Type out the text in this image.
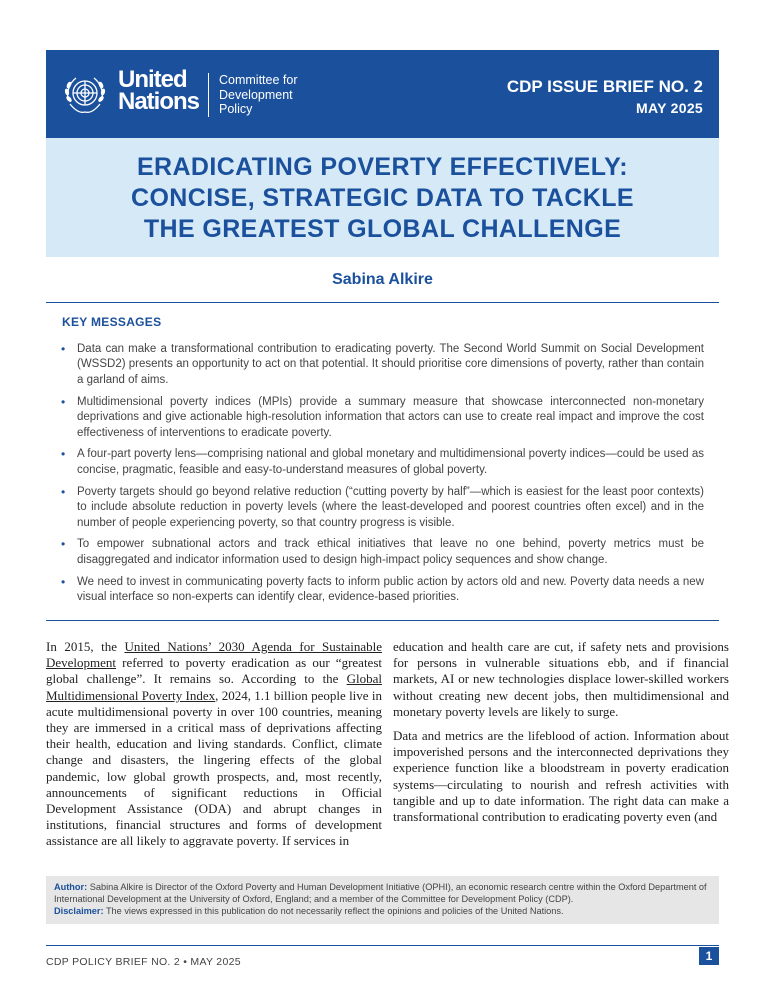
United
Nations
Committee for
Development
Policy
CDP ISSUE BRIEF NO. 2
MAY 2025
ERADICATING POVERTY EFFECTIVELY:
CONCISE, STRATEGIC DATA TO TACKLE
THE GREATEST GLOBAL CHALLENGE
Sabina Alkire
KEY MESSAGES
• Data can make a transformational contribution to eradicating poverty. The Second World Summit on Social Development (WSSD2) presents an opportunity to act on that potential. It should prioritise core dimensions of poverty, rather than contain a garland of aims.
• Multidimensional poverty indices (MPIs) provide a summary measure that showcase interconnected non-monetary deprivations and give actionable high-resolution information that actors can use to create real impact and improve the cost effectiveness of interventions to eradicate poverty.
• A four-part poverty lens—comprising national and global monetary and multidimensional poverty indices—could be used as concise, pragmatic, feasible and easy-to-understand measures of global poverty.
• Poverty targets should go beyond relative reduction (“cutting poverty by half”—which is easiest for the least poor contexts) to include absolute reduction in poverty levels (where the least-developed and poorest countries often excel) and in the number of people experiencing poverty, so that country progress is visible.
• To empower subnational actors and track ethical initiatives that leave no one behind, poverty metrics must be disaggregated and indicator information used to design high-impact policy sequences and show change.
• We need to invest in communicating poverty facts to inform public action by actors old and new. Poverty data needs a new visual interface so non-experts can identify clear, evidence-based priorities.

In 2015, the United Nations’ 2030 Agenda for Sustainable Development referred to poverty eradication as our “greatest global challenge”. It remains so. According to the Global Multidimensional Poverty Index, 2024, 1.1 billion people live in acute multidimensional poverty in over 100 countries, meaning they are immersed in a critical mass of deprivations affecting their health, education and living standards. Conflict, climate change and disasters, the lingering effects of the global pandemic, low global growth prospects, and, most recently, announcements of significant reductions in Official Development Assistance (ODA) and abrupt changes in institutions, financial structures and forms of development assistance are all likely to aggravate poverty. If services in

education and health care are cut, if safety nets and provisions for persons in vulnerable situations ebb, and if financial markets, AI or new technologies displace lower-skilled workers without creating new decent jobs, then multidimensional and monetary poverty levels are likely to surge.

Data and metrics are the lifeblood of action. Information about impoverished persons and the interconnected deprivations they experience function like a bloodstream in poverty eradication systems—circulating to nourish and refresh activities with tangible and up to date information. The right data can make a transformational contribution to eradicating poverty even (and

Author: Sabina Alkire is Director of the Oxford Poverty and Human Development Initiative (OPHI), an economic research centre within the Oxford Department of International Development at the University of Oxford, England; and a member of the Committee for Development Policy (CDP).

Disclaimer: The views expressed in this publication do not necessarily reflect the opinions and policies of the United Nations.

CDP POLICY BRIEF NO. 2 • MAY 2025	1
